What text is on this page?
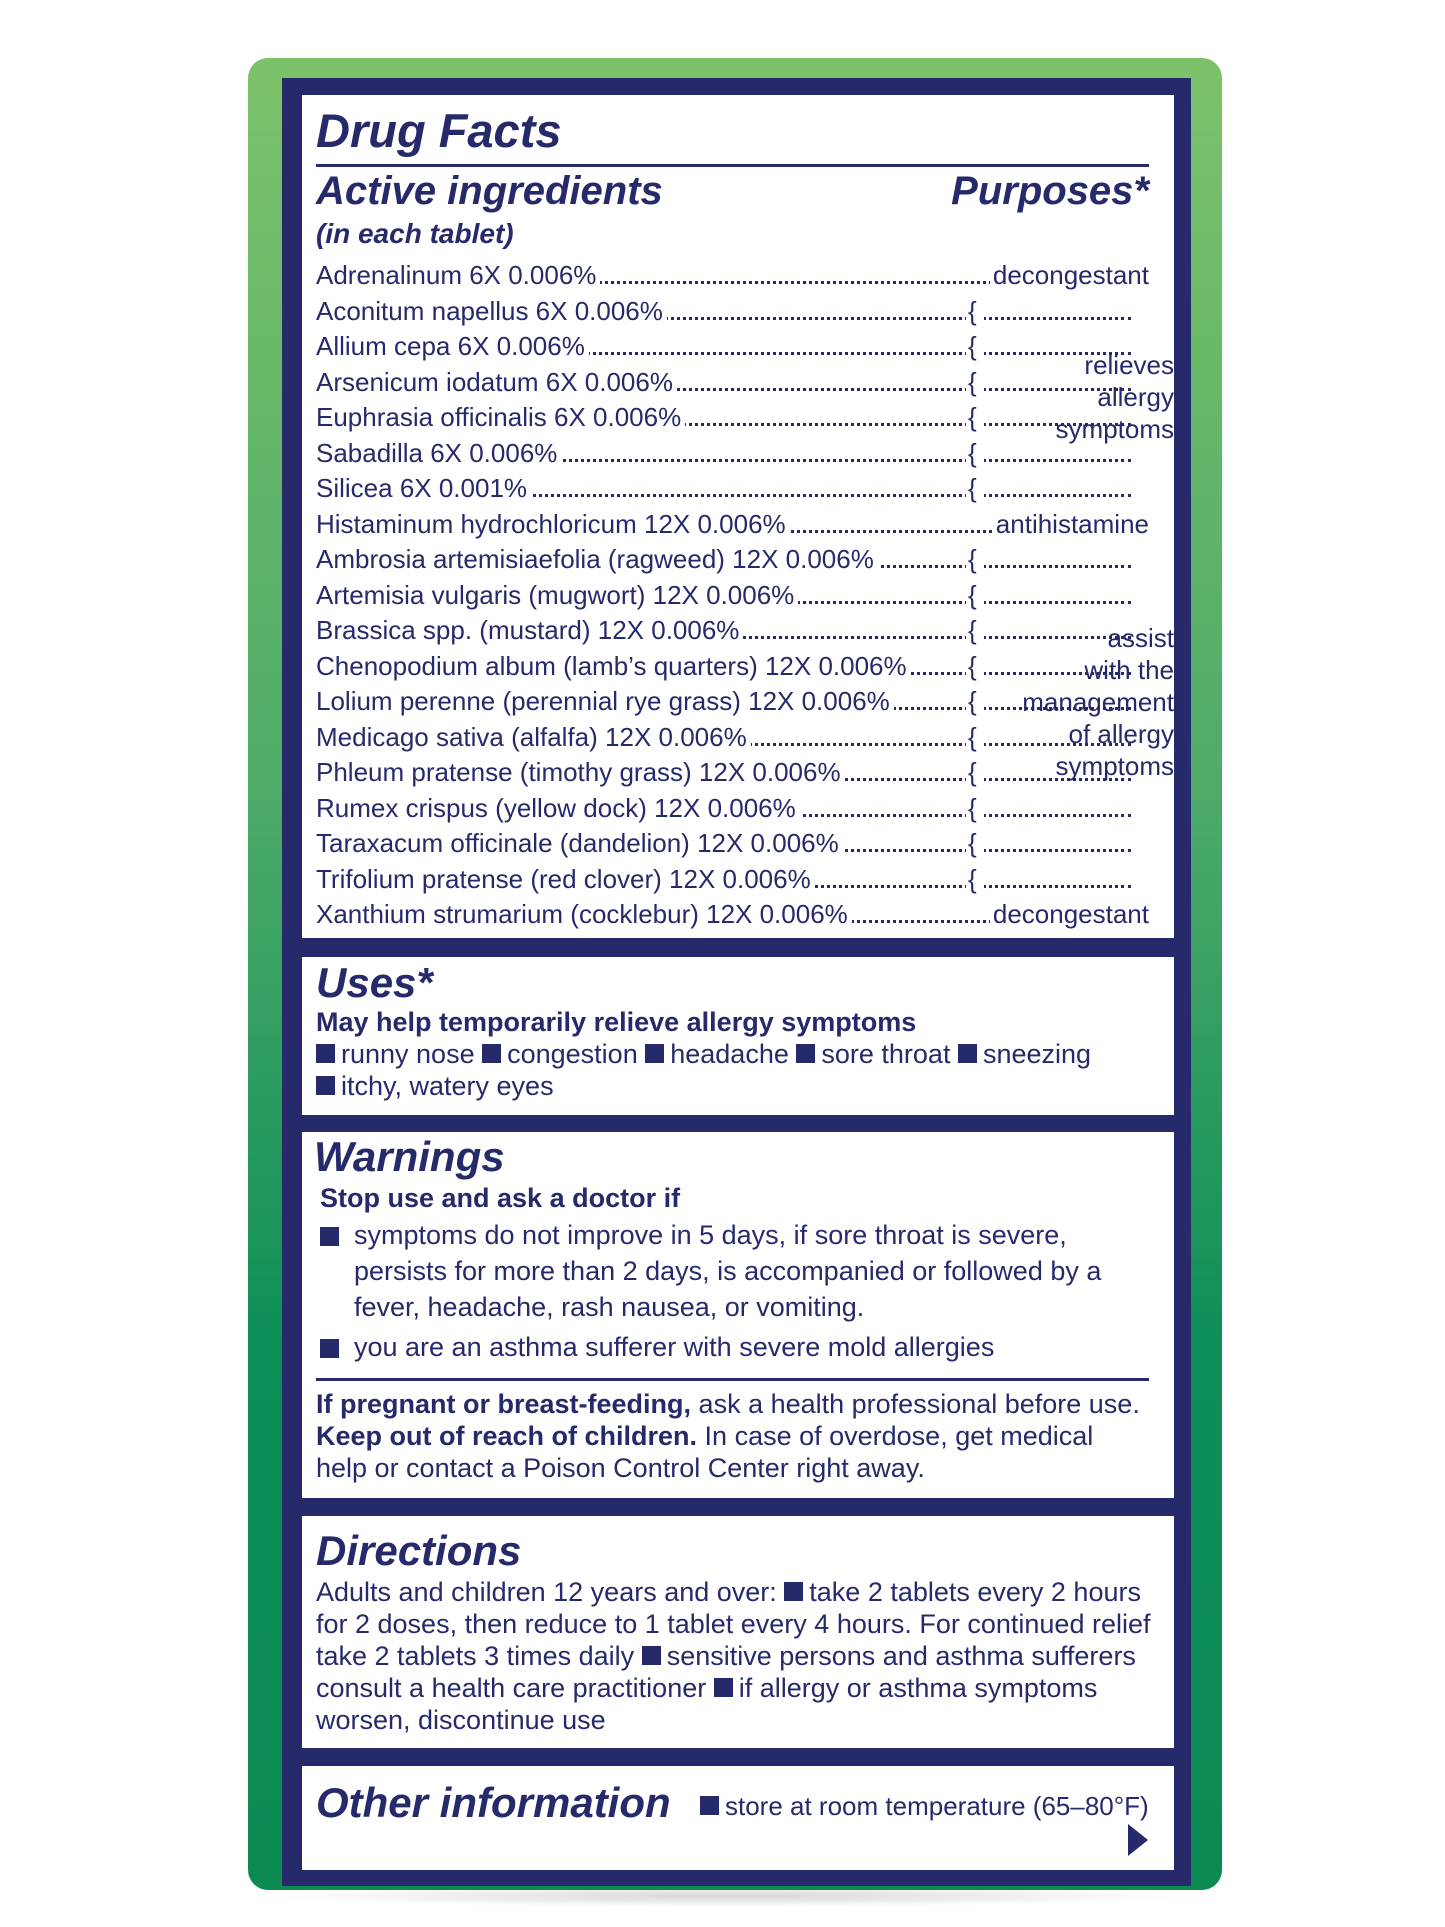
Drug Facts
Active ingredients	Purposes*
(in each tablet)
Adrenalinum 6X 0.006%	decongestant
Aconitum napellus 6X 0.006%	{
Allium cepa 6X 0.006%	{
Arsenicum iodatum 6X 0.006%	{
Euphrasia officinalis 6X 0.006%	{
Sabadilla 6X 0.006%	{
Silicea 6X 0.001%	{
Histaminum hydrochloricum 12X 0.006%	antihistamine
Ambrosia artemisiaefolia (ragweed) 12X 0.006%	{
Artemisia vulgaris (mugwort) 12X 0.006%	{
Brassica spp. (mustard) 12X 0.006%	{
Chenopodium album (lamb’s quarters) 12X 0.006% {
Lolium perenne (perennial rye grass) 12X 0.006%	{
Medicago sativa (alfalfa) 12X 0.006%	{
Phleum pratense (timothy grass) 12X 0.006%	{
Rumex crispus (yellow dock) 12X 0.006%	{
Taraxacum officinale (dandelion) 12X 0.006%	{
Trifolium pratense (red clover) 12X 0.006%	{
Xanthium strumarium (cocklebur) 12X 0.006%	decongestant
relieves
allergy
symptoms
assist
with the
management
of allergy
symptoms
Uses*
May help temporarily relieve allergy symptoms
runny nose congestion headache sore throat sneezing
itchy, watery eyes
Warnings
Stop use and ask a doctor if
symptoms do not improve in 5 days, if sore throat is severe, persists for more than 2 days, is accompanied or followed by a fever, headache, rash nausea, or vomiting.
you are an asthma sufferer with severe mold allergies
If pregnant or breast-feeding, ask a health professional before use.
Keep out of reach of children. In case of overdose, get medical help or contact a Poison Control Center right away.
Directions
Adults and children 12 years and over: take 2 tablets every 2 hours for 2 doses, then reduce to 1 tablet every 4 hours. For continued relief take 2 tablets 3 times daily sensitive persons and asthma sufferers consult a health care practitioner if allergy or asthma symptoms worsen, discontinue use
Other information	store at room temperature (65–80°F)
